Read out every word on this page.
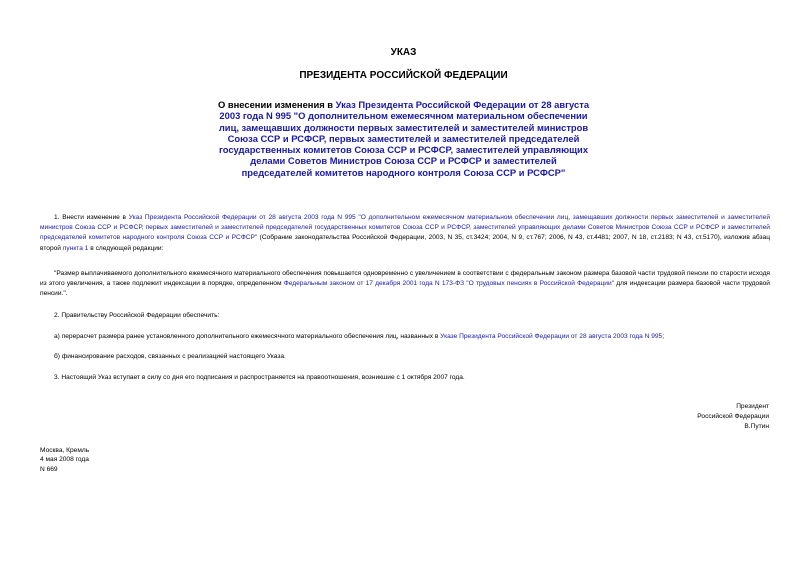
УКАЗ
ПРЕЗИДЕНТА РОССИЙСКОЙ ФЕДЕРАЦИИ
О внесении изменения в Указ Президента Российской Федерации от 28 августа 2003 года N 995 "О дополнительном ежемесячном материальном обеспечении лиц, замещавших должности первых заместителей и заместителей министров Союза ССР и РСФСР, первых заместителей и заместителей председателей государственных комитетов Союза ССР и РСФСР, заместителей управляющих делами Советов Министров Союза ССР и РСФСР и заместителей председателей комитетов народного контроля Союза ССР и РСФСР"
1. Внести изменение в Указ Президента Российской Федерации от 28 августа 2003 года N 995 "О дополнительном ежемесячном материальном обеспечении лиц, замещавших должности первых заместителей и заместителей министров Союза ССР и РСФСР, первых заместителей и заместителей председателей государственных комитетов Союза ССР и РСФСР, заместителей управляющих делами Советов Министров Союза ССР и РСФСР и заместителей председателей комитетов народного контроля Союза ССР и РСФСР" (Собрание законодательства Российской Федерации, 2003, N 35, ст.3424; 2004, N 9, ст.767; 2006, N 43, ст.4481; 2007, N 18, ст.2183; N 43, ст.5170), изложив абзац второй пункта 1 в следующей редакции:
"Размер выплачиваемого дополнительного ежемесячного материального обеспечения повышается одновременно с увеличением в соответствии с федеральным законом размера базовой части трудовой пенсии по старости исходя из этого увеличения, а также подлежит индексации в порядке, определенном Федеральным законом от 17 декабря 2001 года N 173-ФЗ "О трудовых пенсиях в Российской Федерации" для индексации размера базовой части трудовой пенсии.".
2. Правительству Российской Федерации обеспечить:
а) перерасчет размера ранее установленного дополнительного ежемесячного материального обеспечения лиц, названных в Указе Президента Российской Федерации от 28 августа 2003 года N 995;
б) финансирование расходов, связанных с реализацией настоящего Указа.
3. Настоящий Указ вступает в силу со дня его подписания и распространяется на правоотношения, возникшие с 1 октября 2007 года.
Президент
Российской Федерации
В.Путин
Москва, Кремль
4 мая 2008 года
N 669
